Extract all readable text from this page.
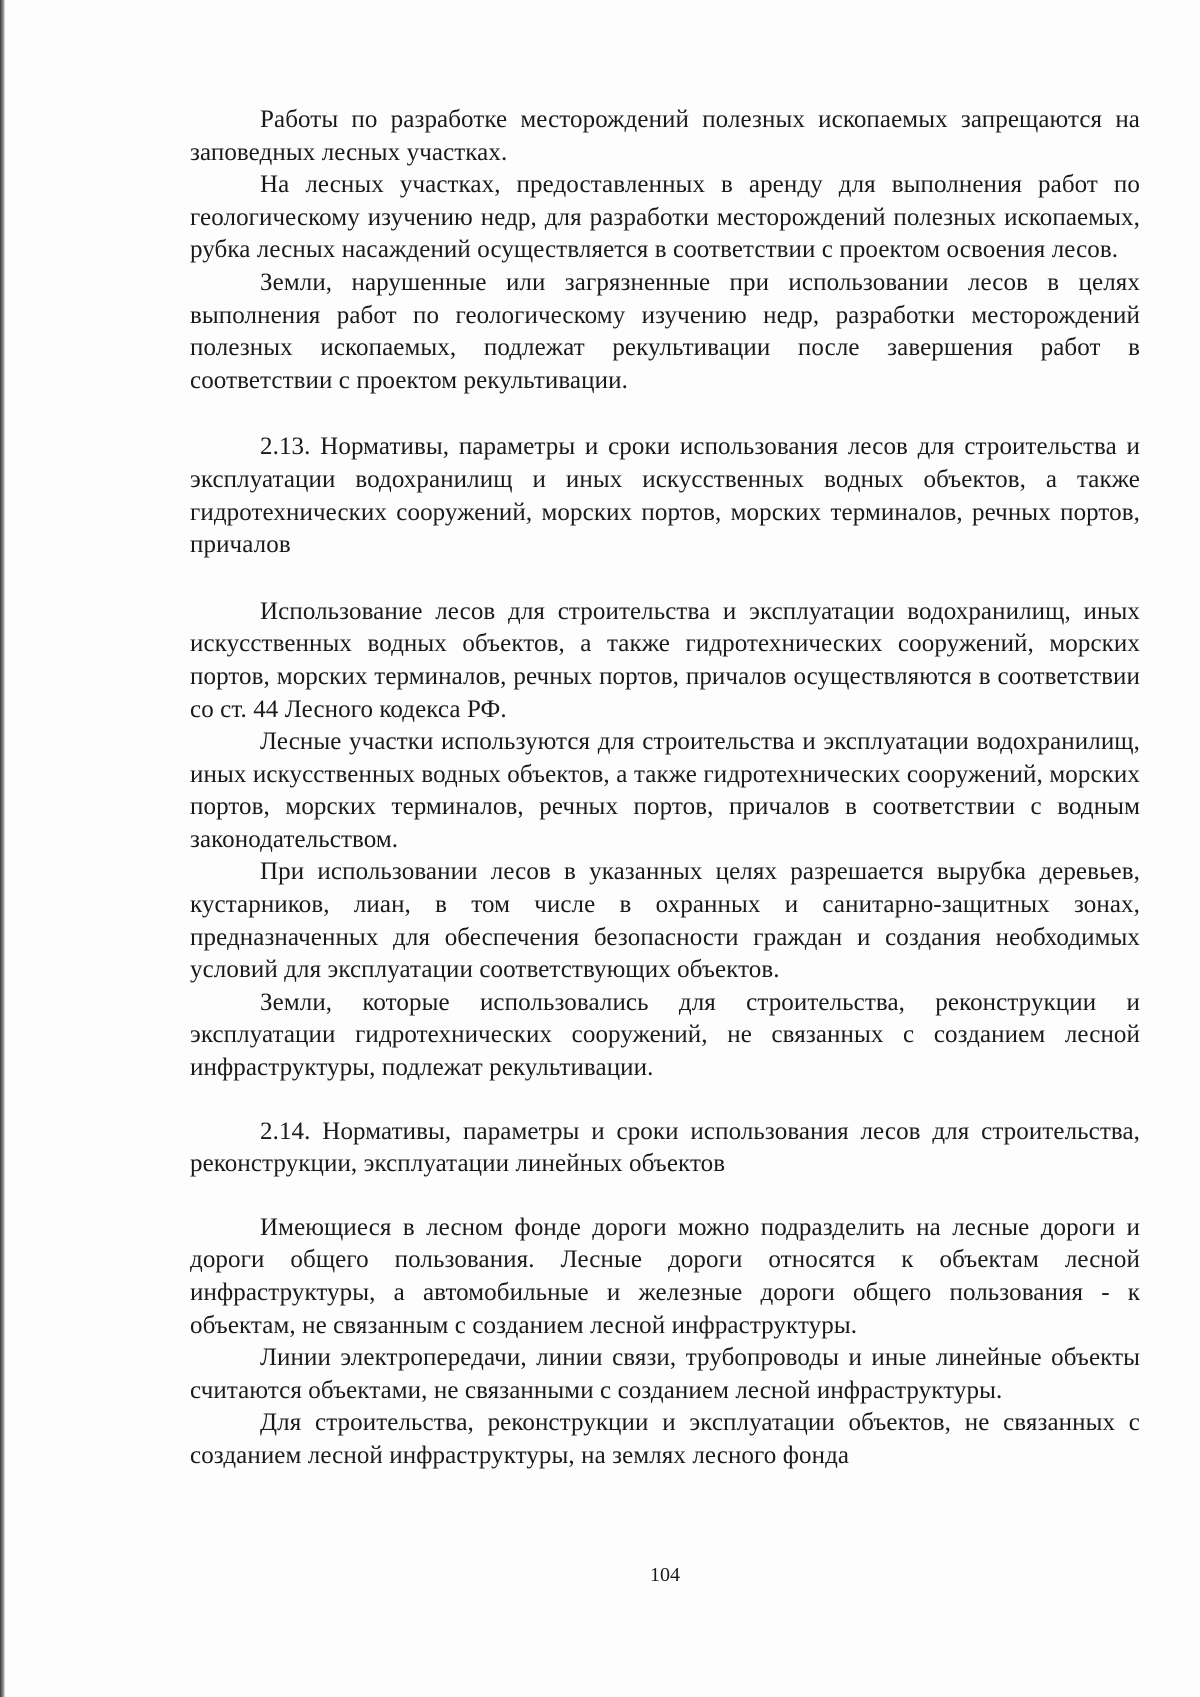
Работы по разработке месторождений полезных ископаемых запрещаются на заповедных лесных участках.

На лесных участках, предоставленных в аренду для выполнения работ по геологическому изучению недр, для разработки месторождений полезных ископаемых, рубка лесных насаждений осуществляется в соответствии с проектом освоения лесов.

Земли, нарушенные или загрязненные при использовании лесов в целях выполнения работ по геологическому изучению недр, разработки месторождений полезных ископаемых, подлежат рекультивации после завершения работ в соответствии с проектом рекультивации.

2.13. Нормативы, параметры и сроки использования лесов для строительства и эксплуатации водохранилищ и иных искусственных водных объектов, а также гидротехнических сооружений, морских портов, морских терминалов, речных портов, причалов

Использование лесов для строительства и эксплуатации водохранилищ, иных искусственных водных объектов, а также гидротехнических сооружений, морских портов, морских терминалов, речных портов, причалов осуществляются в соответствии со ст. 44 Лесного кодекса РФ.

Лесные участки используются для строительства и эксплуатации водохранилищ, иных искусственных водных объектов, а также гидротехнических сооружений, морских портов, морских терминалов, речных портов, причалов в соответствии с водным законодательством.

При использовании лесов в указанных целях разрешается вырубка деревьев, кустарников, лиан, в том числе в охранных и санитарно-защитных зонах, предназначенных для обеспечения безопасности граждан и создания необходимых условий для эксплуатации соответствующих объектов.

Земли, которые использовались для строительства, реконструкции и эксплуатации гидротехнических сооружений, не связанных с созданием лесной инфраструктуры, подлежат рекультивации.

2.14. Нормативы, параметры и сроки использования лесов для строительства, реконструкции, эксплуатации линейных объектов

Имеющиеся в лесном фонде дороги можно подразделить на лесные дороги и дороги общего пользования. Лесные дороги относятся к объектам лесной инфраструктуры, а автомобильные и железные дороги общего пользования - к объектам, не связанным с созданием лесной инфраструктуры.

Линии электропередачи, линии связи, трубопроводы и иные линейные объекты считаются объектами, не связанными с созданием лесной инфраструктуры.

Для строительства, реконструкции и эксплуатации объектов, не связанных с созданием лесной инфраструктуры, на землях лесного фонда

104
